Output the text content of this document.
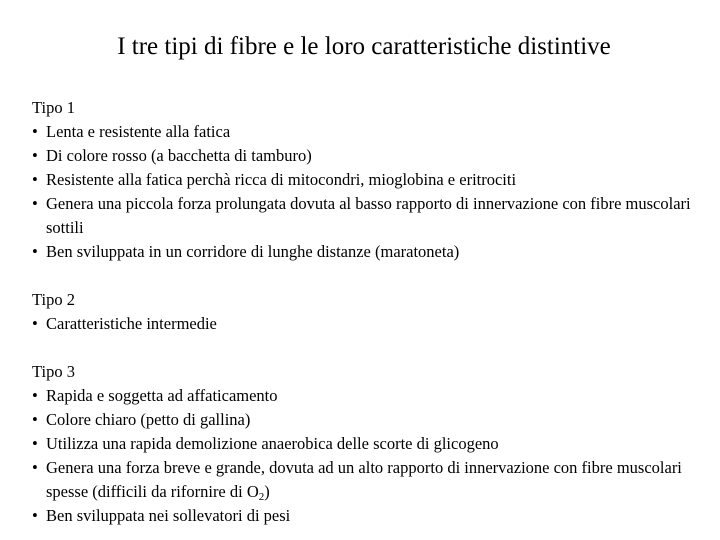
I tre tipi di fibre e le loro caratteristiche distintive
Tipo 1
• Lenta e resistente alla fatica
• Di colore rosso (a bacchetta di tamburo)
• Resistente alla fatica perchà ricca di mitocondri, mioglobina e eritrociti
• Genera una piccola forza prolungata dovuta al basso rapporto di innervazione con fibre muscolari sottili
• Ben sviluppata in un corridore di lunghe distanze (maratoneta)
Tipo 2
• Caratteristiche intermedie
Tipo 3
• Rapida e soggetta ad affaticamento
• Colore chiaro (petto di gallina)
• Utilizza una rapida demolizione anaerobica delle scorte di glicogeno
• Genera una forza breve e grande, dovuta ad un alto rapporto di innervazione con fibre muscolari spesse (difficili da rifornire di $O_2$)
• Ben sviluppata nei sollevatori di pesi
